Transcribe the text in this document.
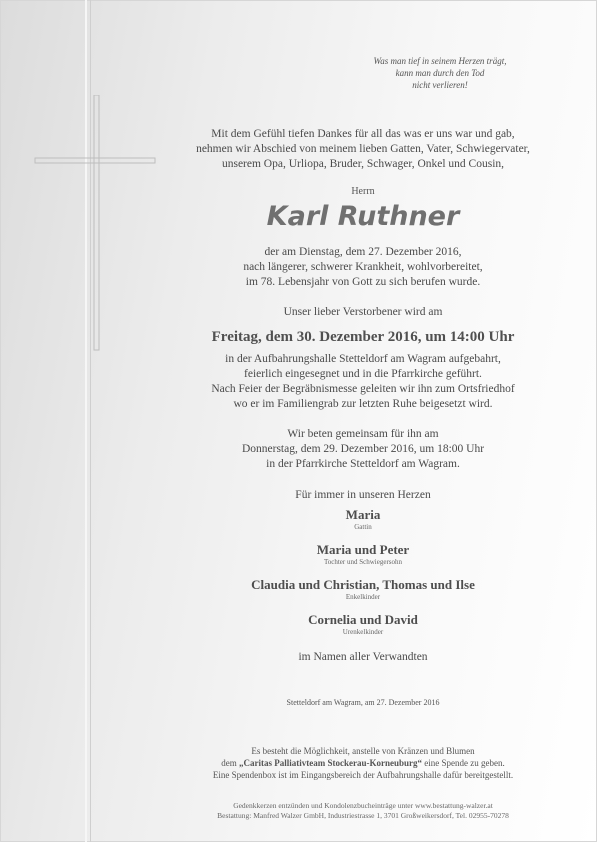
Was man tief in seinem Herzen trägt,
kann man durch den Tod
nicht verlieren!
Mit dem Gefühl tiefen Dankes für all das was er uns war und gab,
nehmen wir Abschied von meinem lieben Gatten, Vater, Schwiegervater,
unserem Opa, Urliopa, Bruder, Schwager, Onkel und Cousin,
Herrn
Karl Ruthner
der am Dienstag, dem 27. Dezember 2016,
nach längerer, schwerer Krankheit, wohlvorbereitet,
im 78. Lebensjahr von Gott zu sich berufen wurde.
Unser lieber Verstorbener wird am
Freitag, dem 30. Dezember 2016, um 14:00 Uhr
in der Aufbahrungshalle Stetteldorf am Wagram aufgebahrt,
feierlich eingesegnet und in die Pfarrkirche geführt.
Nach Feier der Begräbnismesse geleiten wir ihn zum Ortsfriedhof
wo er im Familiengrab zur letzten Ruhe beigesetzt wird.
Wir beten gemeinsam für ihn am
Donnerstag, dem 29. Dezember 2016, um 18:00 Uhr
in der Pfarrkirche Stetteldorf am Wagram.
Für immer in unseren Herzen
Maria
Gattin
Maria und Peter
Tochter und Schwiegersohn
Claudia und Christian, Thomas und Ilse
Enkelkinder
Cornelia und David
Urenkelkinder
im Namen aller Verwandten
Stetteldorf am Wagram, am 27. Dezember 2016
Es besteht die Möglichkeit, anstelle von Kränzen und Blumen
dem „Caritas Palliativteam Stockerau-Korneuburg“ eine Spende zu geben.
Eine Spendenbox ist im Eingangsbereich der Aufbahrungshalle dafür bereitgestellt.
Gedenkkerzen entzünden und Kondolenzbucheinträge unter www.bestattung-walzer.at
Bestattung: Manfred Walzer GmbH, Industriestrasse 1, 3701 Großweikersdorf, Tel. 02955-70278
